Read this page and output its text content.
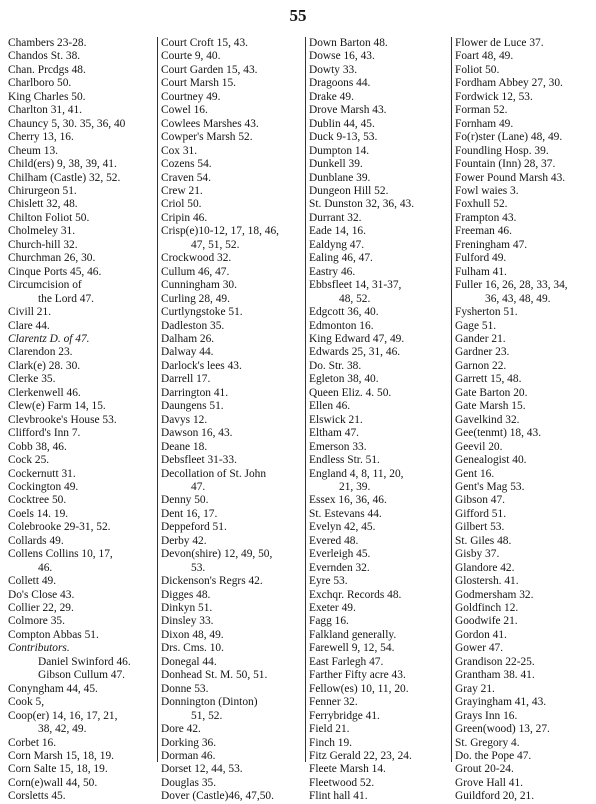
55
Chambers 23-28.
Chandos St. 38.
Chan. Prcdgs 48.
Charlboro 50.
King Charles 50.
Charlton 31, 41.
Chauncy 5, 30. 35, 36, 40
Cherry 13, 16.
Cheum 13.
Child(ers) 9, 38, 39, 41.
Chilham (Castle) 32, 52.
Chirurgeon 51.
Chislett 32, 48.
Chilton Foliot 50.
Cholmeley 31.
Church-hill 32.
Churchman 26, 30.
Cinque Ports 45, 46.
Circumcision of
the Lord 47.
Civill 21.
Clare 44.
Clarentz D. of 47.
Clarendon 23.
Clark(e) 28. 30.
Clerke 35.
Clerkenwell 46.
Clew(e) Farm 14, 15.
Clevbrooke's House 53.
Clifford's Inn 7.
Cobb 38, 46.
Cock 25.
Cockernutt 31.
Cockington 49.
Cocktree 50.
Coels 14. 19.
Colebrooke 29-31, 52.
Collards 49.
Collens Collins 10, 17,
46.
Collett 49.
Do's Close 43.
Collier 22, 29.
Colmore 35.
Compton Abbas 51.
Contributors.
Daniel Swinford 46.
Gibson Cullum 47.
Conyngham 44, 45.
Cook 5,
Coop(er) 14, 16, 17, 21,
38, 42, 49.
Corbet 16.
Corn Marsh 15, 18, 19.
Corn Salte 15, 18, 19.
Corn(e)wall 44, 50.
Corsletts 45.
Court Croft 15, 43.
Courte 9, 40.
Court Garden 15, 43.
Court Marsh 15.
Courtney 49.
Cowel 16.
Cowlees Marshes 43.
Cowper's Marsh 52.
Cox 31.
Cozens 54.
Craven 54.
Crew 21.
Criol 50.
Cripin 46.
Crisp(e)10-12, 17, 18, 46,
47, 51, 52.
Crockwood 32.
Cullum 46, 47.
Cunningham 30.
Curling 28, 49.
Curtlyngstoke 51.
Dadleston 35.
Dalham 26.
Dalway 44.
Darlock's lees 43.
Darrell 17.
Darrington 41.
Daungens 51.
Davys 12.
Dawson 16, 43.
Deane 18.
Debsfleet 31-33.
Decollation of St. John
47.
Denny 50.
Dent 16, 17.
Deppeford 51.
Derby 42.
Devon(shire) 12, 49, 50,
53.
Dickenson's Regrs 42.
Digges 48.
Dinkyn 51.
Dinsley 33.
Dixon 48, 49.
Drs. Cms. 10.
Donegal 44.
Donhead St. M. 50, 51.
Donne 53.
Donnington (Dinton)
51, 52.
Dore 42.
Dorking 36.
Dorman 46.
Dorset 12, 44, 53.
Douglas 35.
Dover (Castle)46, 47,50.
Down Barton 48.
Dowse 16, 43.
Dowty 33.
Dragoons 44.
Drake 49.
Drove Marsh 43.
Dublin 44, 45.
Duck 9-13, 53.
Dumpton 14.
Dunkell 39.
Dunblane 39.
Dungeon Hill 52.
St. Dunston 32, 36, 43.
Durrant 32.
Eade 14, 16.
Ealdyng 47.
Ealing 46, 47.
Eastry 46.
Ebbsfleet 14, 31-37,
48, 52.
Edgcott 36, 40.
Edmonton 16.
King Edward 47, 49.
Edwards 25, 31, 46.
Do. Str. 38.
Egleton 38, 40.
Queen Eliz. 4. 50.
Ellen 46.
Elswick 21.
Eltham 47.
Emerson 33.
Endless Str. 51.
England 4, 8, 11, 20,
21, 39.
Essex 16, 36, 46.
St. Estevans 44.
Evelyn 42, 45.
Evered 48.
Everleigh 45.
Evernden 32.
Eyre 53.
Exchqr. Records 48.
Exeter 49.
Fagg 16.
Falkland generally.
Farewell 9, 12, 54.
East Farlegh 47.
Farther Fifty acre 43.
Fellow(es) 10, 11, 20.
Fenner 32.
Ferrybridge 41.
Field 21.
Finch 19.
Fitz Gerald 22, 23, 24.
Fleete Marsh 14.
Fleetwood 52.
Flint hall 41.
Flower de Luce 37.
Foart 48, 49.
Foliot 50.
Fordham Abbey 27, 30.
Fordwick 12, 53.
Forman 52.
Fornham 49.
Fo(r)ster (Lane) 48, 49.
Foundling Hosp. 39.
Fountain (Inn) 28, 37.
Fower Pound Marsh 43.
Fowl waies 3.
Foxhull 52.
Frampton 43.
Freeman 46.
Freningham 47.
Fulford 49.
Fulham 41.
Fuller 16, 26, 28, 33, 34,
36, 43, 48, 49.
Fysherton 51.
Gage 51.
Gander 21.
Gardner 23.
Garnon 22.
Garrett 15, 48.
Gate Barton 20.
Gate Marsh 15.
Gavelkind 32.
Gee(tenmt) 18, 43.
Geevil 20.
Genealogist 40.
Gent 16.
Gent's Mag 53.
Gibson 47.
Gifford 51.
Gilbert 53.
St. Giles 48.
Gisby 37.
Glandore 42.
Glostersh. 41.
Godmersham 32.
Goldfinch 12.
Goodwife 21.
Gordon 41.
Gower 47.
Grandison 22-25.
Grantham 38. 41.
Gray 21.
Grayingham 41, 43.
Grays Inn 16.
Green(wood) 13, 27.
St. Gregory 4.
Do. the Pope 47.
Grout 20-24.
Grove Hall 41.
Guildford 20, 21.
